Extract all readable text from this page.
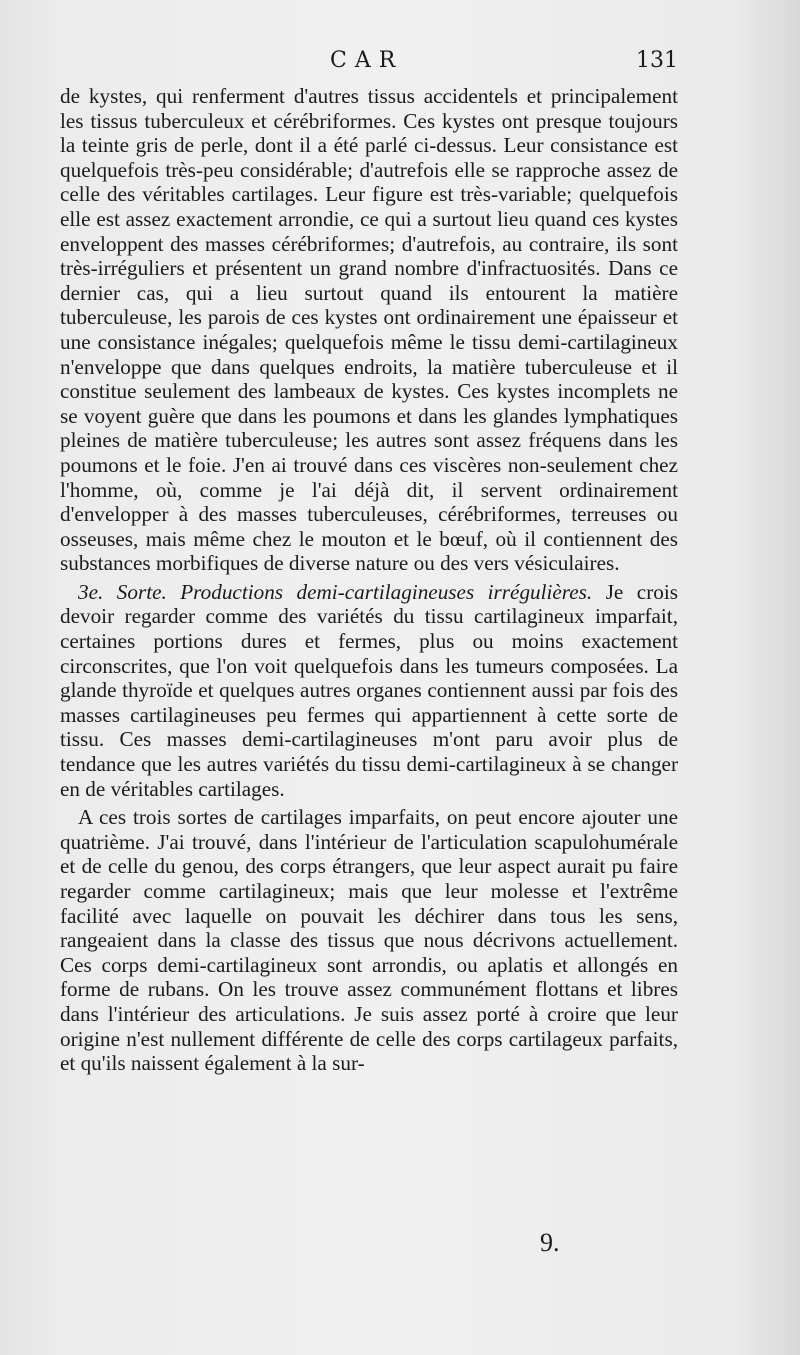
CAR	131

de kystes, qui renferment d'autres tissus accidentels et principalement les tissus tuberculeux et cérébriformes. Ces kystes ont presque toujours la teinte gris de perle, dont il a été parlé ci-dessus. Leur consistance est quelquefois très-peu considérable; d'autrefois elle se rapproche assez de celle des véritables cartilages. Leur figure est très-variable; quelquefois elle est assez exactement arrondie, ce qui a surtout lieu quand ces kystes enveloppent des masses cérébriformes; d'autrefois, au contraire, ils sont très-irréguliers et présentent un grand nombre d'infractuosités. Dans ce dernier cas, qui a lieu surtout quand ils entourent la matière tuberculeuse, les parois de ces kystes ont ordinairement une épaisseur et une consistance inégales; quelquefois même le tissu demi-cartilagineux n'enveloppe que dans quelques endroits, la matière tuberculeuse et il constitue seulement des lambeaux de kystes. Ces kystes incomplets ne se voyent guère que dans les poumons et dans les glandes lymphatiques pleines de matière tuberculeuse; les autres sont assez fréquens dans les poumons et le foie. J'en ai trouvé dans ces viscères non-seulement chez l'homme, où, comme je l'ai déjà dit, il servent ordinairement d'envelopper à des masses tuberculeuses, cérébriformes, terreuses ou osseuses, mais même chez le mouton et le bœuf, où il contiennent des substances morbifiques de diverse nature ou des vers vésiculaires.

3e. Sorte. Productions demi-cartilagineuses irrégulières. Je crois devoir regarder comme des variétés du tissu cartilagineux imparfait, certaines portions dures et fermes, plus ou moins exactement circonscrites, que l'on voit quelquefois dans les tumeurs composées. La glande thyroïde et quelques autres organes contiennent aussi par fois des masses cartilagineuses peu fermes qui appartiennent à cette sorte de tissu. Ces masses demi-cartilagineuses m'ont paru avoir plus de tendance que les autres variétés du tissu demi-cartilagineux à se changer en de véritables cartilages.

A ces trois sortes de cartilages imparfaits, on peut encore ajouter une quatrième. J'ai trouvé, dans l'intérieur de l'articulation scapulohumérale et de celle du genou, des corps étrangers, que leur aspect aurait pu faire regarder comme cartilagineux; mais que leur molesse et l'extrême facilité avec laquelle on pouvait les déchirer dans tous les sens, rangeaient dans la classe des tissus que nous décrivons actuellement. Ces corps demi-cartilagineux sont arrondis, ou aplatis et allongés en forme de rubans. On les trouve assez communément flottans et libres dans l'intérieur des articulations. Je suis assez porté à croire que leur origine n'est nullement différente de celle des corps cartilageux parfaits, et qu'ils naissent également à la sur-

9.
